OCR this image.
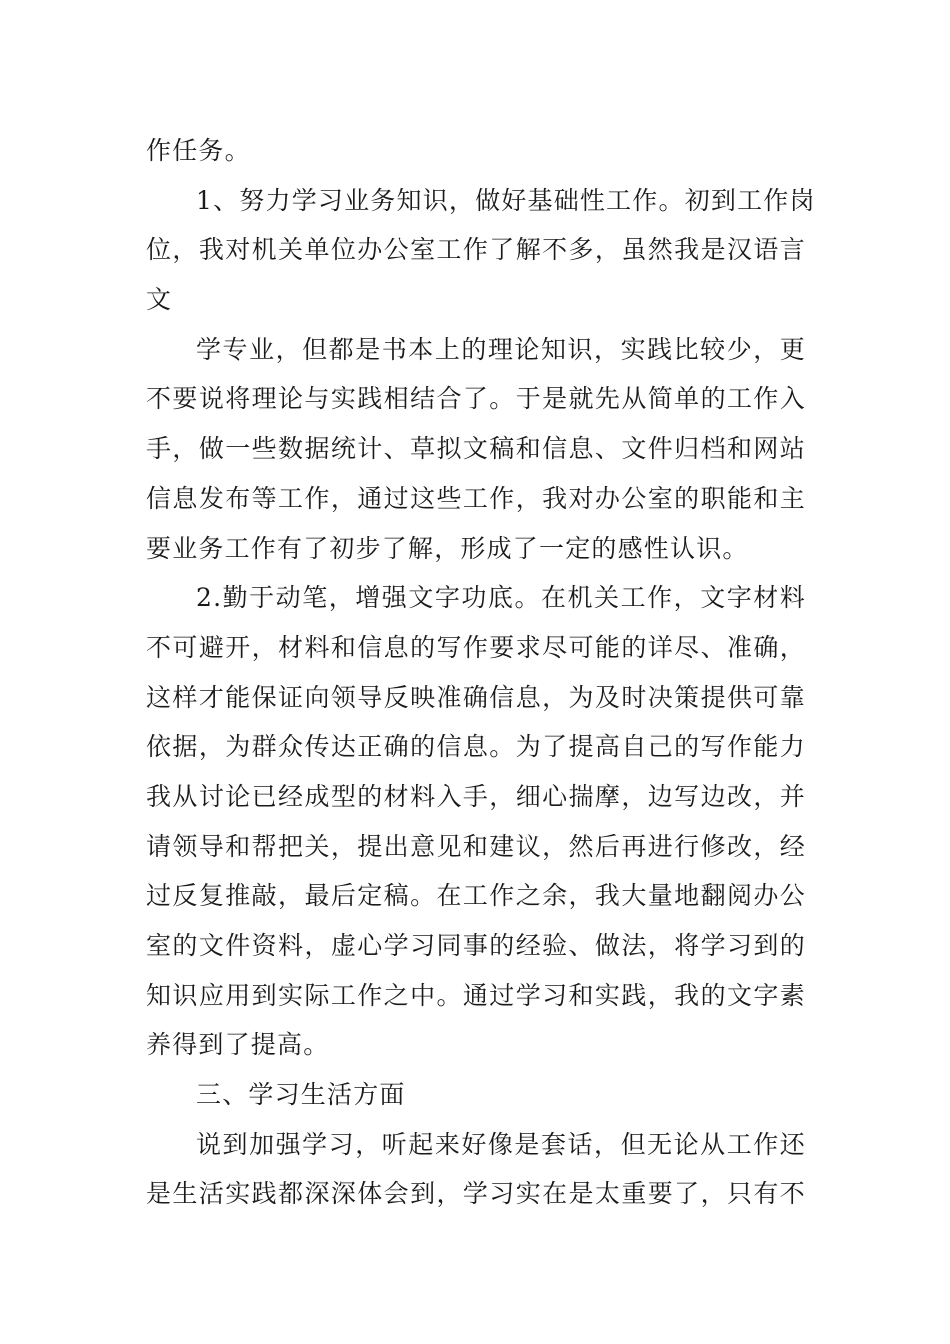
作任务。
1、努力学习业务知识，做好基础性工作。初到工作岗
位，我对机关单位办公室工作了解不多，虽然我是汉语言
文
学专业，但都是书本上的理论知识，实践比较少，更
不要说将理论与实践相结合了。于是就先从简单的工作入
手，做一些数据统计、草拟文稿和信息、文件归档和网站
信息发布等工作，通过这些工作，我对办公室的职能和主
要业务工作有了初步了解，形成了一定的感性认识。
2.勤于动笔，增强文字功底。在机关工作，文字材料
不可避开，材料和信息的写作要求尽可能的详尽、准确，
这样才能保证向领导反映准确信息，为及时决策提供可靠
依据，为群众传达正确的信息。为了提高自己的写作能力
我从讨论已经成型的材料入手，细心揣摩，边写边改，并
请领导和帮把关，提出意见和建议，然后再进行修改，经
过反复推敲，最后定稿。在工作之余，我大量地翻阅办公
室的文件资料，虚心学习同事的经验、做法，将学习到的
知识应用到实际工作之中。通过学习和实践，我的文字素
养得到了提高。
三、学习生活方面
说到加强学习，听起来好像是套话，但无论从工作还
是生活实践都深深体会到，学习实在是太重要了，只有不
